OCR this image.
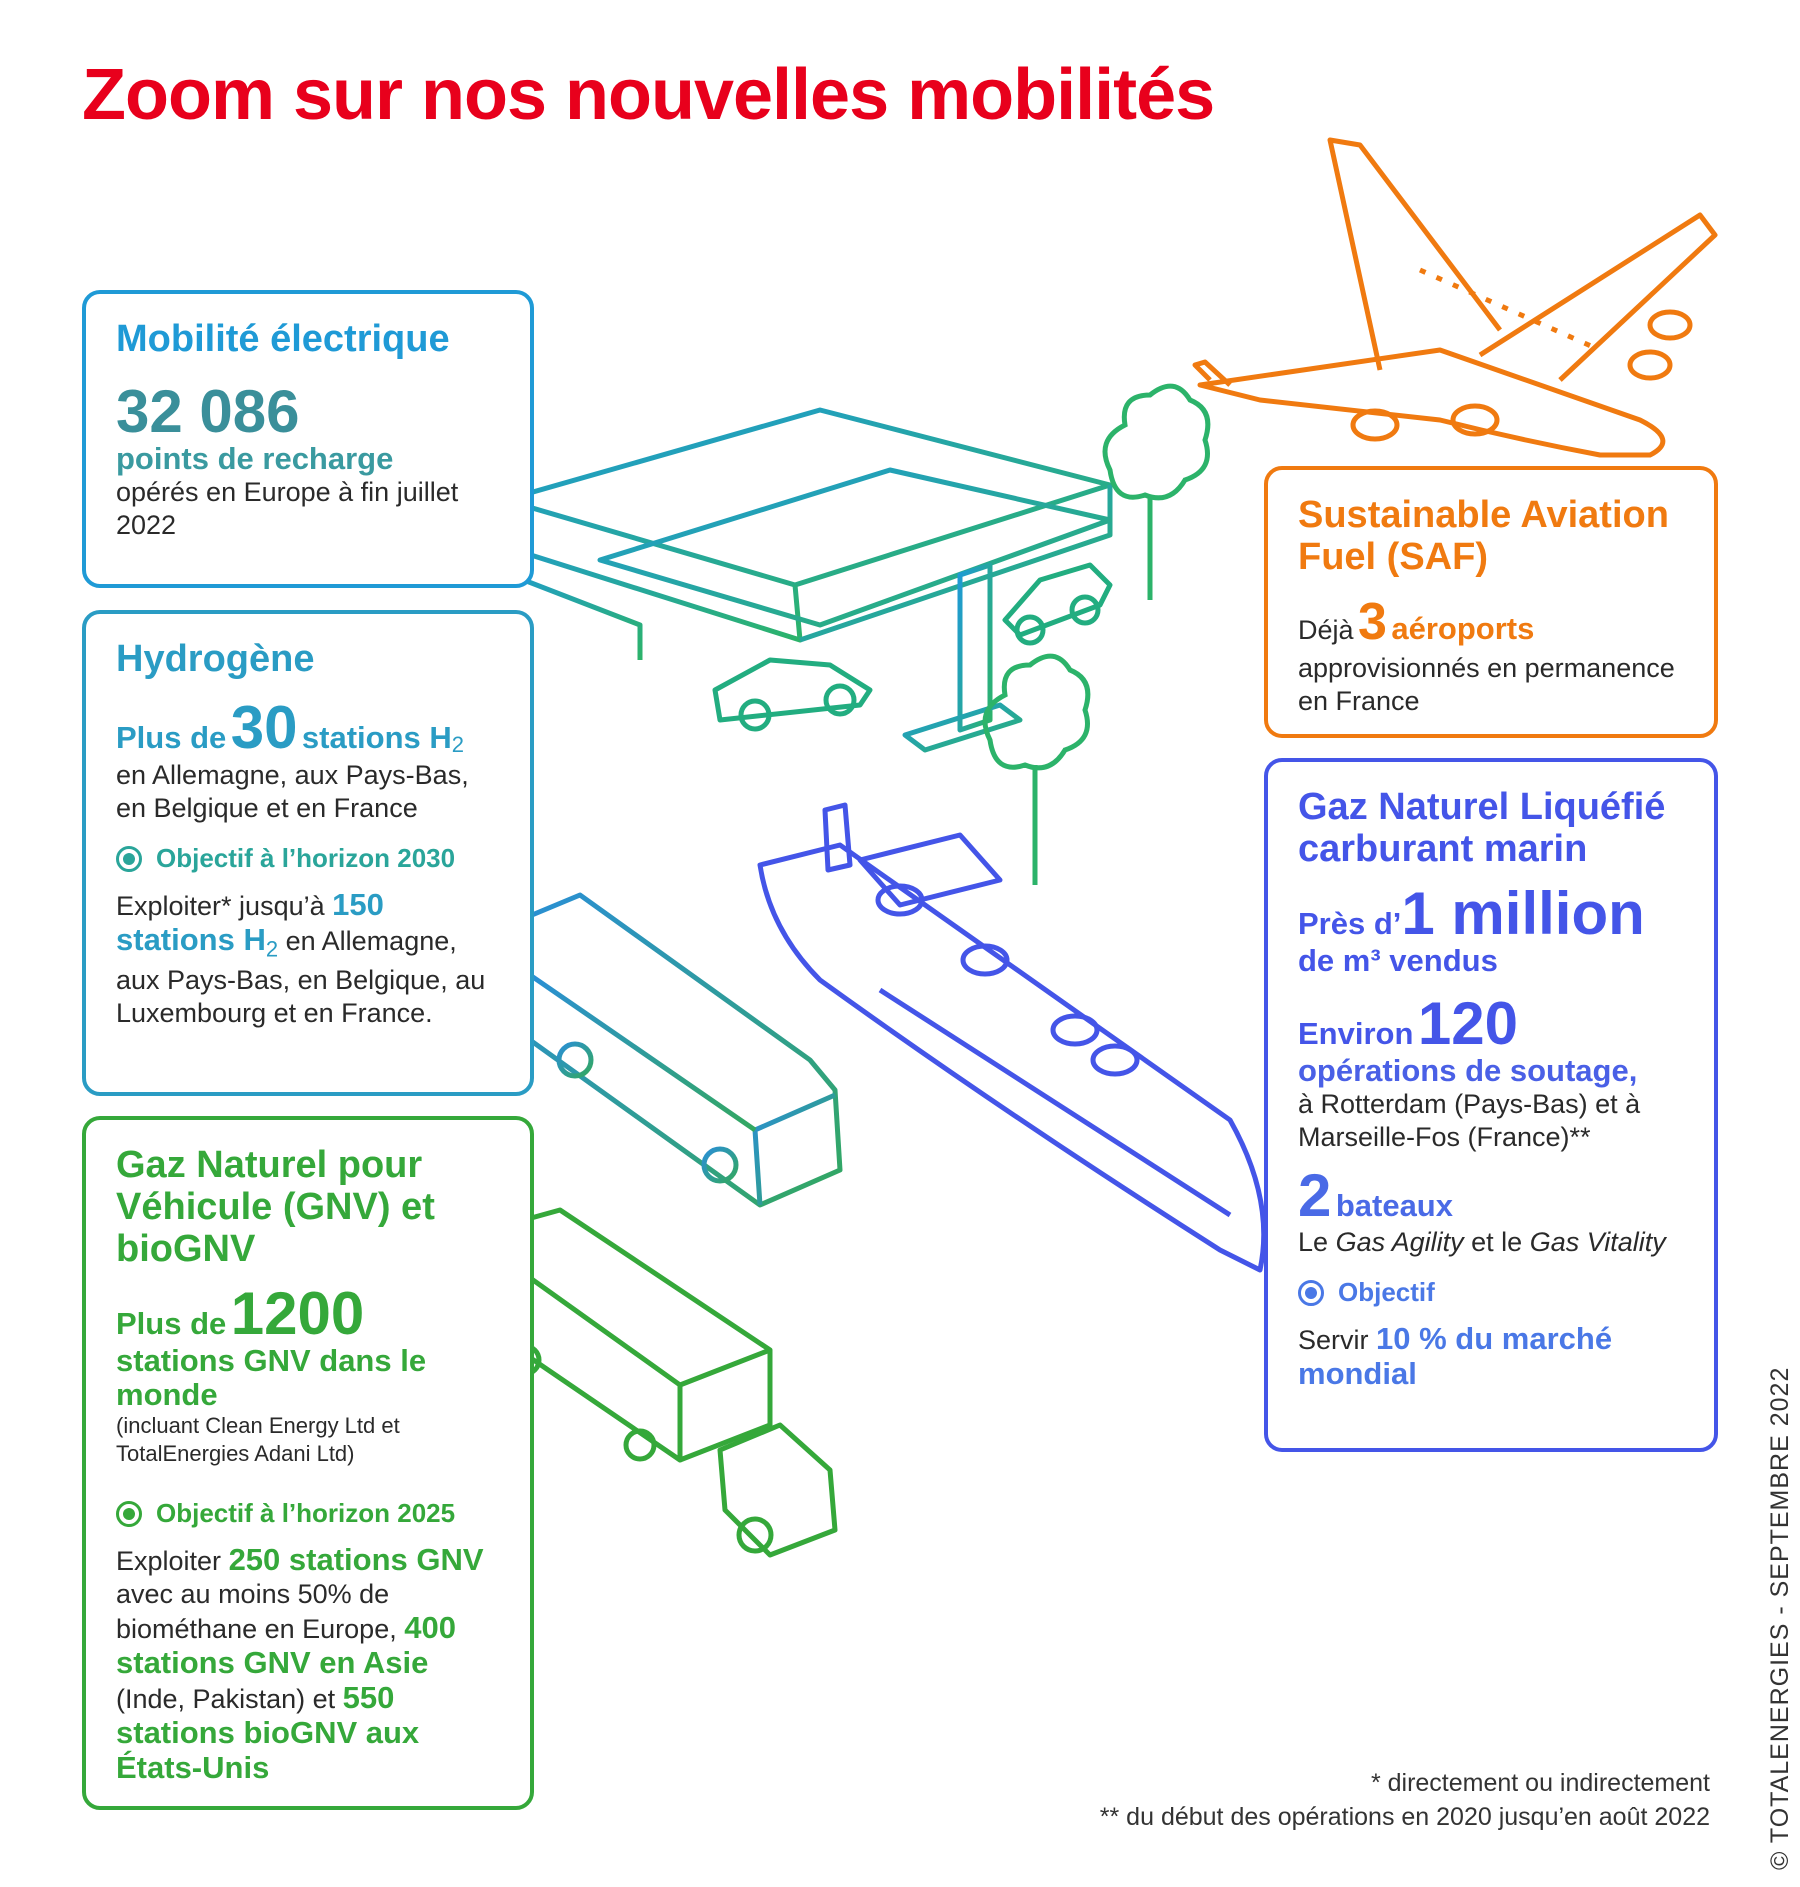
Zoom sur nos nouvelles mobilités
Mobilité électrique
32 086
points de recharge
opérés en Europe à fin juillet 2022
Hydrogène
Plus de 30 stations $H_2$
en Allemagne, aux Pays-Bas, en Belgique et en France
Objectif à l’horizon 2030
Exploiter* jusqu’à 150 stations $H_2$ en Allemagne, aux Pays-Bas, en Belgique, au Luxembourg et en France.
Gaz Naturel pour Véhicule (GNV) et bioGNV
Plus de 1200
stations GNV dans le monde
(incluant Clean Energy Ltd et TotalEnergies Adani Ltd)
Objectif à l’horizon 2025
Exploiter 250 stations GNV avec au moins 50% de biométhane en Europe, 400 stations GNV en Asie (Inde, Pakistan) et 550 stations bioGNV aux États-Unis
Sustainable Aviation Fuel (SAF)
Déjà 3 aéroports
approvisionnés en permanence en France
Gaz Naturel Liquéfié carburant marin
Près d’1 million
de m³ vendus
Environ 120
opérations de soutage,
à Rotterdam (Pays-Bas) et à Marseille-Fos (France)**
2 bateaux
Le Gas Agility et le Gas Vitality
Objectif
Servir 10 % du marché mondial
* directement ou indirectement
** du début des opérations en 2020 jusqu’en août 2022 © TOTALENERGIES - SEPTEMBRE 2022
